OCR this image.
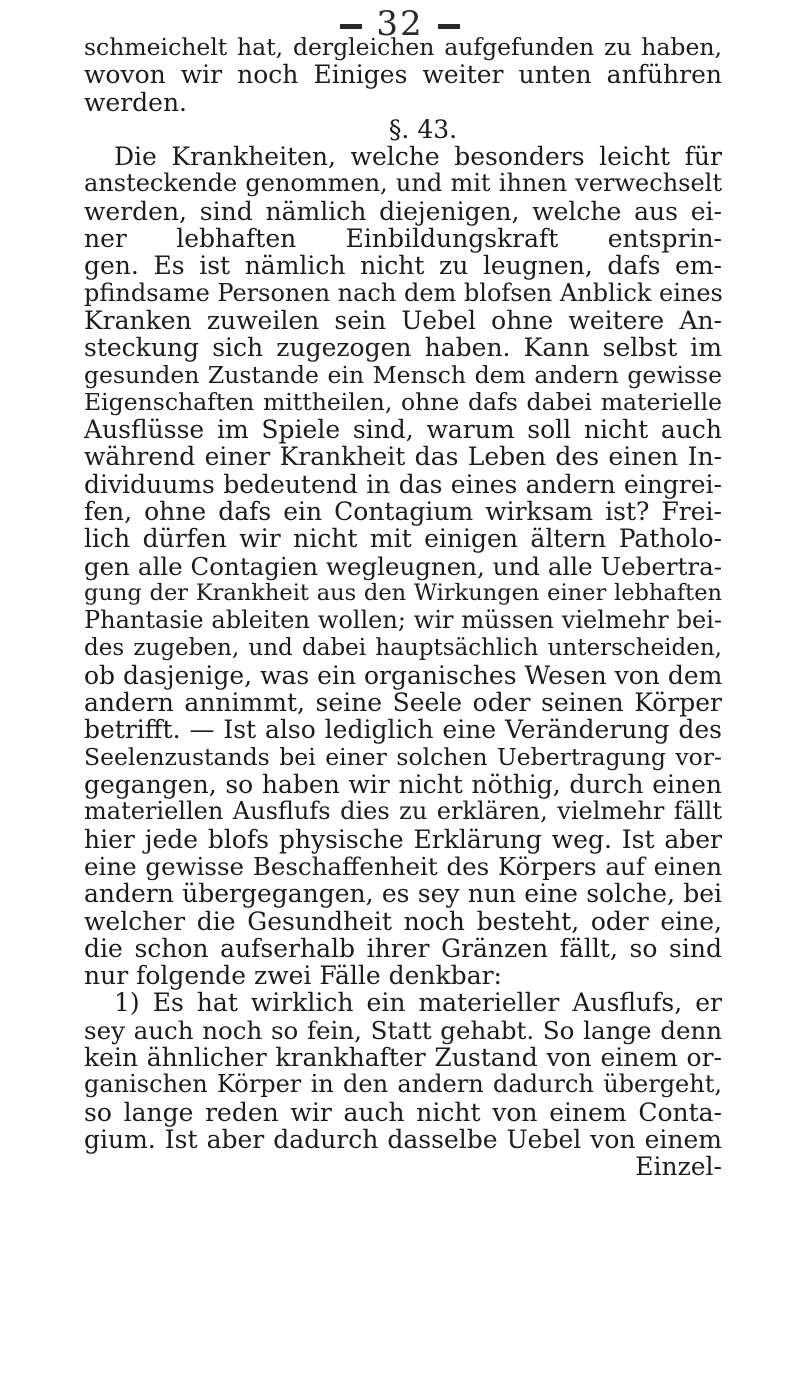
32
schmeichelt hat, dergleichen aufgefunden zu haben,
wovon wir noch Einiges weiter unten anführen
werden.
§. 43.
Die Krankheiten, welche besonders leicht für
ansteckende genommen, und mit ihnen verwechselt
werden, sind nämlich diejenigen, welche aus ei-
ner lebhaften Einbildungskraft entsprin-
gen. Es ist nämlich nicht zu leugnen, dafs em-
pfindsame Personen nach dem blofsen Anblick eines
Kranken zuweilen sein Uebel ohne weitere An-
steckung sich zugezogen haben. Kann selbst im
gesunden Zustande ein Mensch dem andern gewisse
Eigenschaften mittheilen, ohne dafs dabei materielle
Ausflüsse im Spiele sind, warum soll nicht auch
während einer Krankheit das Leben des einen In-
dividuums bedeutend in das eines andern eingrei-
fen, ohne dafs ein Contagium wirksam ist? Frei-
lich dürfen wir nicht mit einigen ältern Patholo-
gen alle Contagien wegleugnen, und alle Uebertra-
gung der Krankheit aus den Wirkungen einer lebhaften
Phantasie ableiten wollen; wir müssen vielmehr bei-
des zugeben, und dabei hauptsächlich unterscheiden,
ob dasjenige, was ein organisches Wesen von dem
andern annimmt, seine Seele oder seinen Körper
betrifft. — Ist also lediglich eine Veränderung des
Seelenzustands bei einer solchen Uebertragung vor-
gegangen, so haben wir nicht nöthig, durch einen
materiellen Ausflufs dies zu erklären, vielmehr fällt
hier jede blofs physische Erklärung weg. Ist aber
eine gewisse Beschaffenheit des Körpers auf einen
andern übergegangen, es sey nun eine solche, bei
welcher die Gesundheit noch besteht, oder eine,
die schon aufserhalb ihrer Gränzen fällt, so sind
nur folgende zwei Fälle denkbar:
1) Es hat wirklich ein materieller Ausflufs, er
sey auch noch so fein, Statt gehabt. So lange denn
kein ähnlicher krankhafter Zustand von einem or-
ganischen Körper in den andern dadurch übergeht,
so lange reden wir auch nicht von einem Conta-
gium. Ist aber dadurch dasselbe Uebel von einem
Einzel-
